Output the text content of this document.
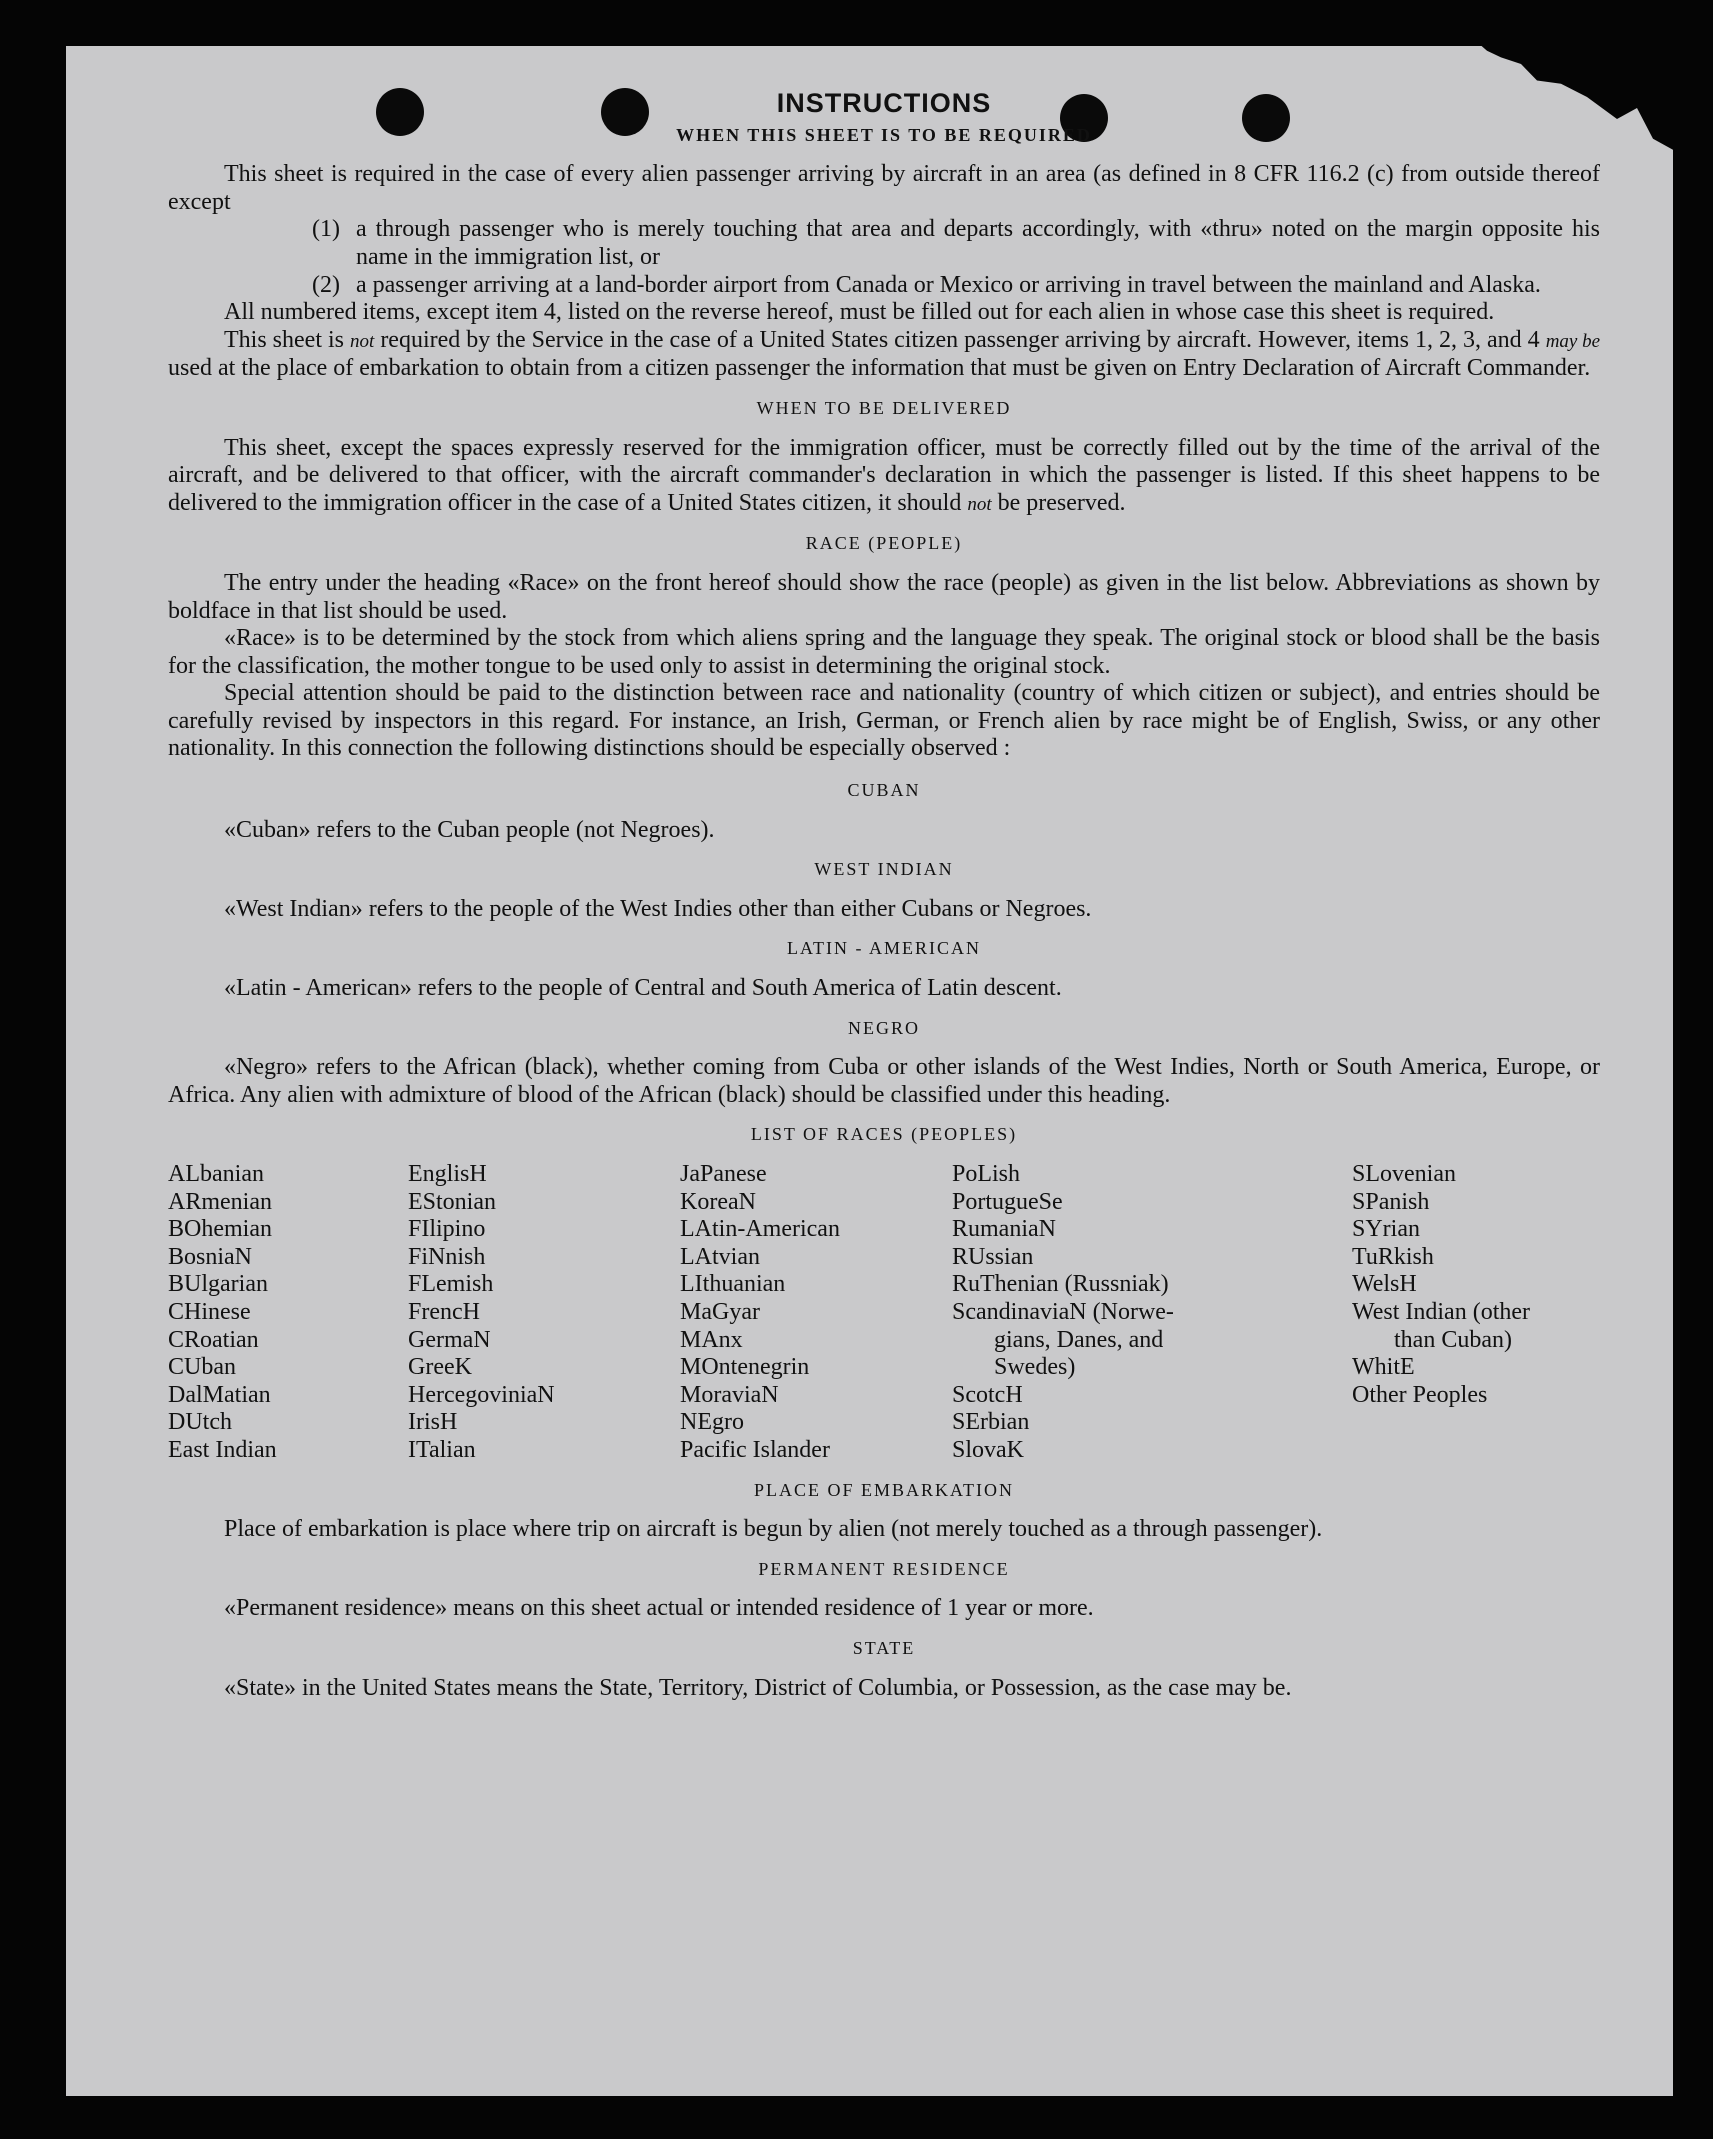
INSTRUCTIONS
WHEN THIS SHEET IS TO BE REQUIRED

This sheet is required in the case of every alien passenger arriving by aircraft in an area (as defined in 8 CFR 116.2 (c) from outside thereof except

(1) a through passenger who is merely touching that area and departs accordingly, with «thru» noted on the margin opposite his name in the immigration list, or
(2) a passenger arriving at a land-border airport from Canada or Mexico or arriving in travel between the mainland and Alaska.

All numbered items, except item 4, listed on the reverse hereof, must be filled out for each alien in whose case this sheet is required.

This sheet is not required by the Service in the case of a United States citizen passenger arriving by aircraft. However, items 1, 2, 3, and 4 may be used at the place of embarkation to obtain from a citizen passenger the information that must be given on Entry Declaration of Aircraft Commander.

WHEN TO BE DELIVERED

This sheet, except the spaces expressly reserved for the immigration officer, must be correctly filled out by the time of the arrival of the aircraft, and be delivered to that officer, with the aircraft commander's declaration in which the passenger is listed. If this sheet happens to be delivered to the immigration officer in the case of a United States citizen, it should not be preserved.

RACE (PEOPLE)

The entry under the heading «Race» on the front hereof should show the race (people) as given in the list below. Abbreviations as shown by boldface in that list should be used.

«Race» is to be determined by the stock from which aliens spring and the language they speak. The original stock or blood shall be the basis for the classification, the mother tongue to be used only to assist in determining the original stock.

Special attention should be paid to the distinction between race and nationality (country of which citizen or subject), and entries should be carefully revised by inspectors in this regard. For instance, an Irish, German, or French alien by race might be of English, Swiss, or any other nationality. In this connection the following distinctions should be especially observed :

CUBAN

«Cuban» refers to the Cuban people (not Negroes).

WEST INDIAN

«West Indian» refers to the people of the West Indies other than either Cubans or Negroes.

LATIN - AMERICAN

«Latin - American» refers to the people of Central and South America of Latin descent.

NEGRO

«Negro» refers to the African (black), whether coming from Cuba or other islands of the West Indies, North or South America, Europe, or Africa. Any alien with admixture of blood of the African (black) should be classified under this heading.

LIST OF RACES (PEOPLES)
ALbanian
ARmenian
BOhemian
BosniaN
BUlgarian
CHinese
CRoatian
CUban
DalMatian
DUtch
East Indian
EnglisH
EStonian
FIlipino
FiNnish
FLemish
FrencH
GermaN
GreeK
HercegoviniaN
IrisH
ITalian
JaPanese
KoreaN
LAtin-American
LAtvian
LIthuanian
MaGyar
MAnx
MOntenegrin
MoraviaN
NEgro
Pacific Islander
PoLish
PortugueSe
RumaniaN
RUssian
RuThenian (Russniak)
ScandinaviaN (Norwe-
gians, Danes, and
Swedes)
ScotcH
SErbian
SlovaK
SLovenian
SPanish
SYrian
TuRkish
WelsH
West Indian (other
than Cuban)
WhitE
Other Peoples
PLACE OF EMBARKATION

Place of embarkation is place where trip on aircraft is begun by alien (not merely touched as a through passenger).

PERMANENT RESIDENCE

«Permanent residence» means on this sheet actual or intended residence of 1 year or more.

STATE

«State» in the United States means the State, Territory, District of Columbia, or Possession, as the case may be.
